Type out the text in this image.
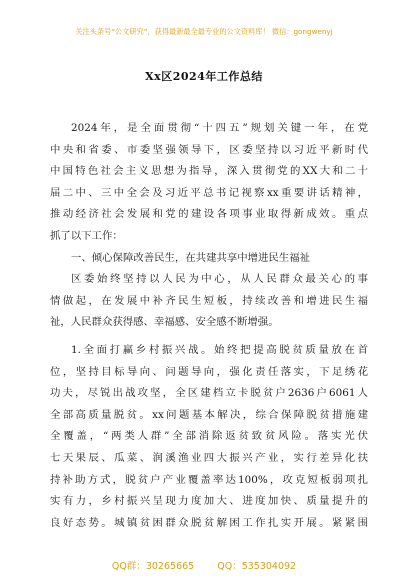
关注头条号“公文研究”，获得最新最全最专业的公文资料库！ 微信：gongwenyj
Xx区2024年工作总结
2024年，是全面贯彻“十四五”规划关键一年，在党
中央和省委、市委坚强领导下，区委坚持以习近平新时代
中国特色社会主义思想为指导，深入贯彻党的XX大和二十
届二中、三中全会及习近平总书记视察xx重要讲话精神，
推动经济社会发展和党的建设各项事业取得新成效。重点
抓了以下工作：
一、倾心保障改善民生，在共建共享中增进民生福祉
区委始终坚持以人民为中心，从人民群众最关心的事
情做起，在发展中补齐民生短板，持续改善和增进民生福
祉，人民群众获得感、幸福感、安全感不断增强。
1.全面打赢乡村振兴战。始终把提高脱贫质量放在首
位，坚持目标导向、问题导向，强化责任落实，下足绣花
功夫，尽锐出战攻坚，全区建档立卡脱贫户2636户6061人
全部高质量脱贫。xx问题基本解决，综合保障脱贫措施建
全覆盖，“两类人群”全部消除返贫致贫风险。落实光伏
七天果辰、瓜菜、润溪渔业四大振兴产业，实行差异化扶
持补助方式，脱贫户产业覆盖率达100%，攻克短板弱项扎
实有力，乡村振兴呈现力度加大、进度加快、质量提升的
良好态势。城镇贫困群众脱贫解困工作扎实开展。紧紧围
QQ群：30265665 QQ：535304092
